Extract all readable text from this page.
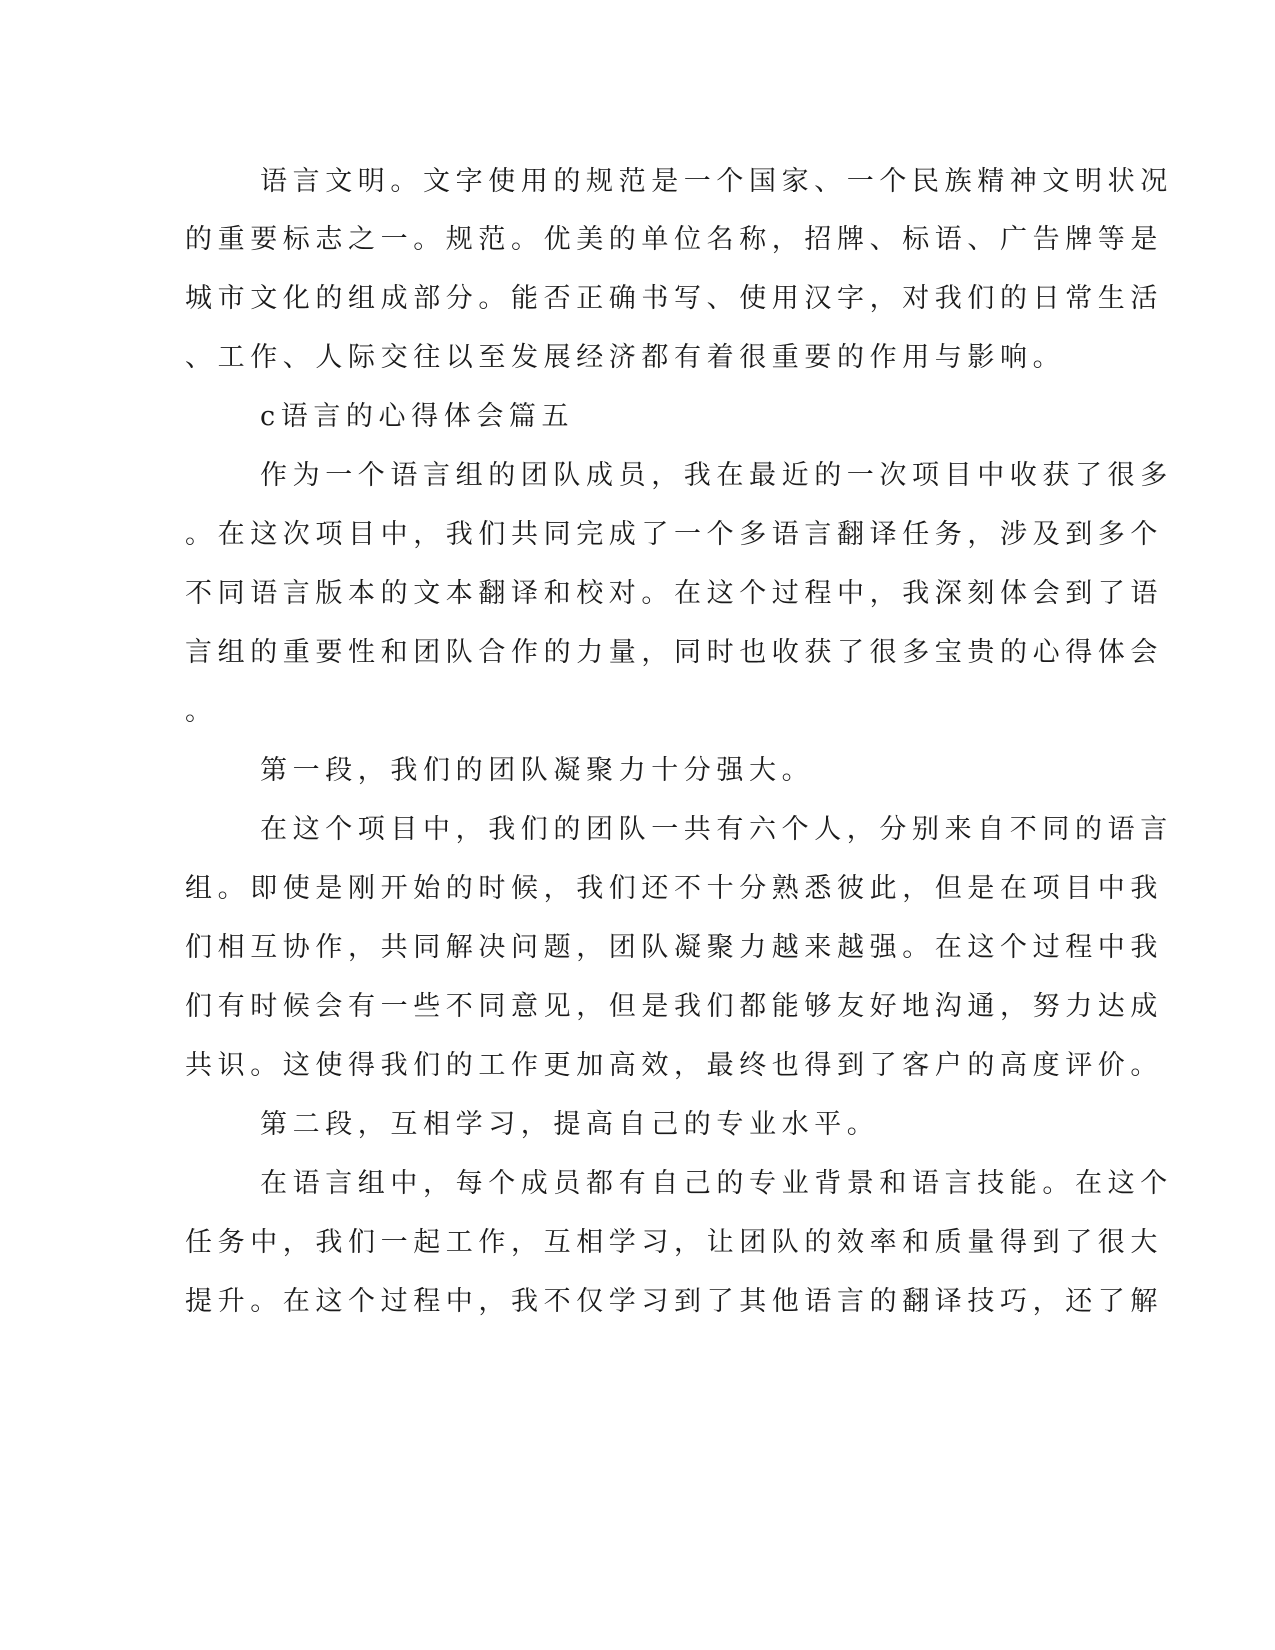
语言文明。文字使用的规范是一个国家、一个民族精神文明状况
的重要标志之一。规范。优美的单位名称，招牌、标语、广告牌等是
城市文化的组成部分。能否正确书写、使用汉字，对我们的日常生活
、工作、人际交往以至发展经济都有着很重要的作用与影响。
c语言的心得体会篇五
作为一个语言组的团队成员，我在最近的一次项目中收获了很多
。在这次项目中，我们共同完成了一个多语言翻译任务，涉及到多个
不同语言版本的文本翻译和校对。在这个过程中，我深刻体会到了语
言组的重要性和团队合作的力量，同时也收获了很多宝贵的心得体会
。
第一段，我们的团队凝聚力十分强大。
在这个项目中，我们的团队一共有六个人，分别来自不同的语言
组。即使是刚开始的时候，我们还不十分熟悉彼此，但是在项目中我
们相互协作，共同解决问题，团队凝聚力越来越强。在这个过程中我
们有时候会有一些不同意见，但是我们都能够友好地沟通，努力达成
共识。这使得我们的工作更加高效，最终也得到了客户的高度评价。
第二段，互相学习，提高自己的专业水平。
在语言组中，每个成员都有自己的专业背景和语言技能。在这个
任务中，我们一起工作，互相学习，让团队的效率和质量得到了很大
提升。在这个过程中，我不仅学习到了其他语言的翻译技巧，还了解
